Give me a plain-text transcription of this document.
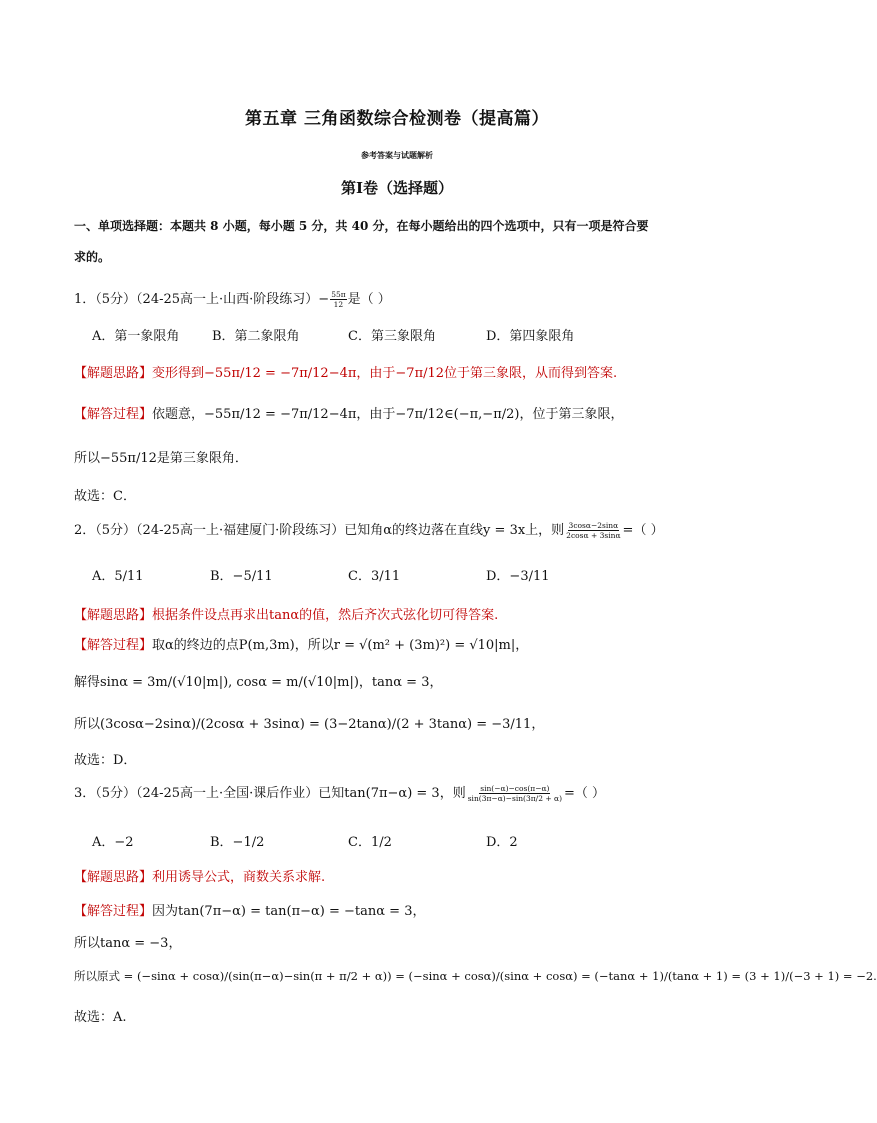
第五章 三角函数综合检测卷（提高篇）
参考答案与试题解析
第I卷（选择题）
一、单项选择题：本题共 8 小题，每小题 5 分，共 40 分，在每小题给出的四个选项中，只有一项是符合要
求的。
1．（5分）（24-25高一上·山西·阶段练习）− $\frac{55\pi}{12}$ 是（ ）
A．第一象限角	B．第二象限角	C．第三象限角	D．第四象限角
【解题思路】变形得到−55π/12 = −7π/12−4π，由于−7π/12位于第三象限，从而得到答案.
【解答过程】依题意，−55π/12 = −7π/12−4π，由于−7π/12∈(−π,−π/2)，位于第三象限，
所以−55π/12是第三象限角．
故选：C．
2．（5分）（24-25高一上·福建厦门·阶段练习）已知角α的终边落在直线y = 3x上，则 $\frac{3\cos\alpha-2\sin\alpha}{2\cos\alpha + 3\sin\alpha}$ =（ ）
A．5/11	B．−5/11	C．3/11	D．−3/11
【解题思路】根据条件设点再求出tanα的值，然后齐次式弦化切可得答案.
【解答过程】取α的终边的点P(m,3m)，所以r = √(m² + (3m)²) = √10|m|，
解得sinα = 3m/(√10|m|), cosα = m/(√10|m|)，tanα = 3，
所以(3cosα−2sinα)/(2cosα + 3sinα) = (3−2tanα)/(2 + 3tanα) = −3/11，
故选：D．
3．（5分）（24-25高一上·全国·课后作业）已知tan(7π−α) = 3，则 $\frac{\sin(-\alpha)-\cos(\pi-\alpha)}{\sin(3\pi-\alpha)-\sin(3\pi/2 + \alpha)}$ =（ ）
A．−2	B．−1/2	C．1/2	D．2
【解题思路】利用诱导公式，商数关系求解.
【解答过程】因为tan(7π−α) = tan(π−α) = −tanα = 3，
所以tanα = −3，
所以原式 = (−sinα + cosα)/(sin(π−α)−sin(π + π/2 + α)) = (−sinα + cosα)/(sinα + cosα) = (−tanα + 1)/(tanα + 1) = (3 + 1)/(−3 + 1) = −2.
故选：A.
